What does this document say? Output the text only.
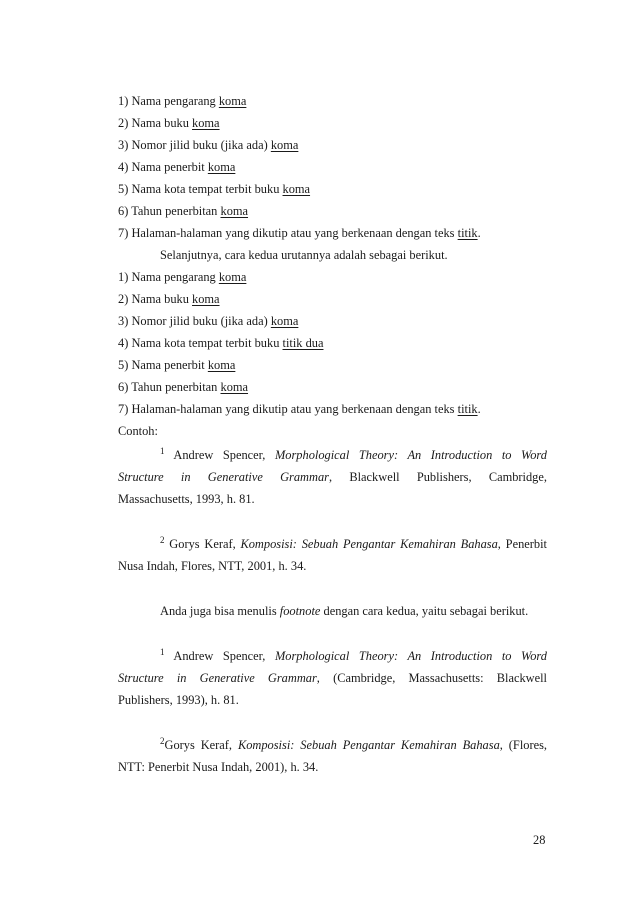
1) Nama pengarang koma
2) Nama buku koma
3) Nomor jilid buku (jika ada) koma
4) Nama penerbit koma
5) Nama kota tempat terbit buku koma
6) Tahun penerbitan koma
7) Halaman-halaman yang dikutip atau yang berkenaan dengan teks titik.
Selanjutnya, cara kedua urutannya adalah sebagai berikut.
1) Nama pengarang koma
2) Nama buku koma
3) Nomor jilid buku (jika ada) koma
4) Nama kota tempat terbit buku titik dua
5) Nama penerbit koma
6) Tahun penerbitan koma
7) Halaman-halaman yang dikutip atau yang berkenaan dengan teks titik.
Contoh:
$^1$ Andrew Spencer, Morphological Theory: An Introduction to Word
Structure in Generative Grammar, Blackwell Publishers, Cambridge,
Massachusetts, 1993, h. 81.
$^2$ Gorys Keraf, Komposisi: Sebuah Pengantar Kemahiran Bahasa, Penerbit
Nusa Indah, Flores, NTT, 2001, h. 34.
Anda juga bisa menulis footnote dengan cara kedua, yaitu sebagai berikut.
$^1$ Andrew Spencer, Morphological Theory: An Introduction to Word
Structure in Generative Grammar, (Cambridge, Massachusetts: Blackwell
Publishers, 1993), h. 81.
$^2$Gorys Keraf, Komposisi: Sebuah Pengantar Kemahiran Bahasa, (Flores,
NTT: Penerbit Nusa Indah, 2001), h. 34.
28
